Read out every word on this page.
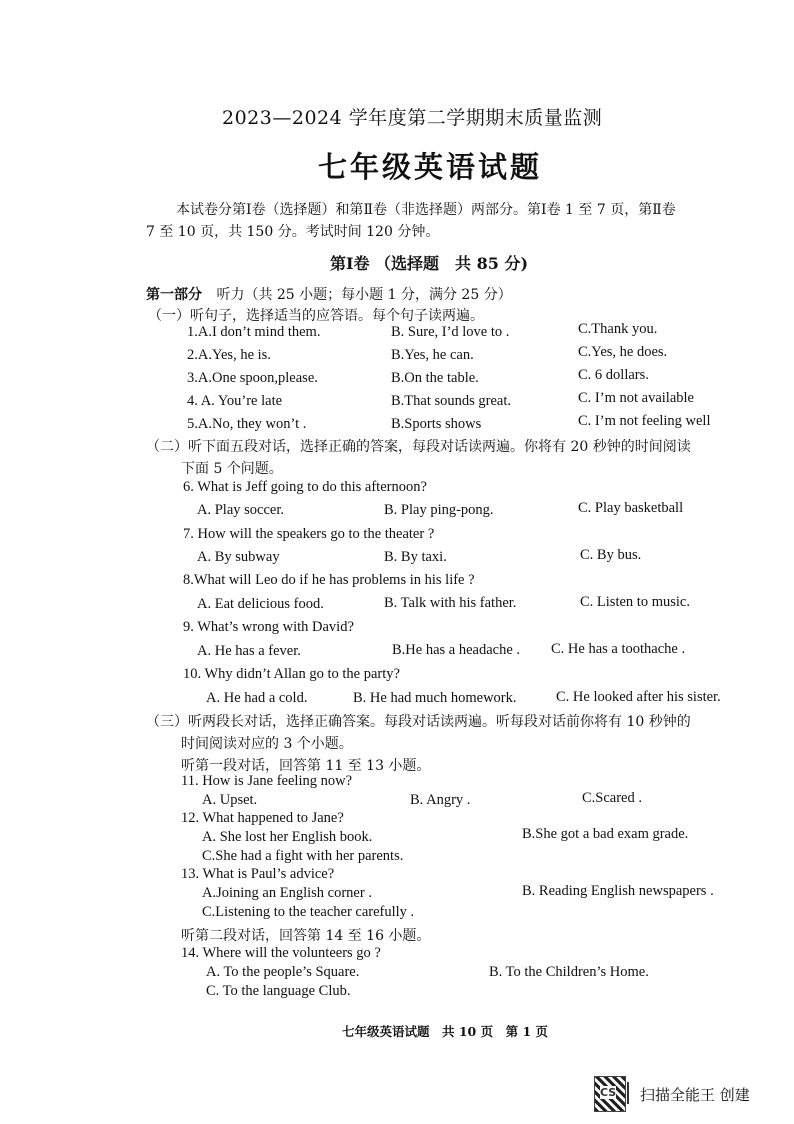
2023—2024 学年度第二学期期末质量监测
七年级英语试题
本试卷分第Ⅰ卷（选择题）和第Ⅱ卷（非选择题）两部分。第Ⅰ卷 1 至 7 页，第Ⅱ卷
7 至 10 页，共 150 分。考试时间 120 分钟。
第Ⅰ卷 （选择题　共 85 分)
第一部分 听力（共 25 小题；每小题 1 分，满分 25 分）
（一）听句子，选择适当的应答语。每个句子读两遍。
1.A.I don’t mind them.	B. Sure, I’d love to .	C.Thank you.
2.A.Yes, he is.	B.Yes, he can.	C.Yes, he does.
3.A.One spoon,please.	B.On the table.	C. 6 dollars.
4. A. You’re late	B.That sounds great.	C. I’m not available
5.A.No, they won’t .	B.Sports shows	C. I’m not feeling well
（二）听下面五段对话，选择正确的答案，每段对话读两遍。你将有 20 秒钟的时间阅读
下面 5 个问题。
6. What is Jeff going to do this afternoon?
A. Play soccer.	B. Play ping-pong.	C. Play basketball
7. How will the speakers go to the theater ?
A. By subway	B. By taxi.	C. By bus.
8.What will Leo do if he has problems in his life ?
A. Eat delicious food.	B. Talk with his father.	C. Listen to music.
9. What’s wrong with David?
A. He has a fever.	B.He has a headache . C. He has a toothache .
10. Why didn’t Allan go to the party?
A. He had a cold.	B. He had much homework.	C. He looked after his sister.
（三）听两段长对话，选择正确答案。每段对话读两遍。听每段对话前你将有 10 秒钟的
时间阅读对应的 3 个小题。
听第一段对话，回答第 11 至 13 小题。
11. How is Jane feeling now?
A. Upset.	B. Angry .	C.Scared .
12. What happened to Jane?
A. She lost her English book.	B.She got a bad exam grade.
C.She had a fight with her parents.
13. What is Paul’s advice?
A.Joining an English corner .	B. Reading English newspapers .
C.Listening to the teacher carefully .
听第二段对话，回答第 14 至 16 小题。
14. Where will the volunteers go ?
A. To the people’s Square.	B. To the Children’s Home.
C. To the language Club.
七年级英语试题　共 10 页　第 1 页
CS 扫描全能王 创建
